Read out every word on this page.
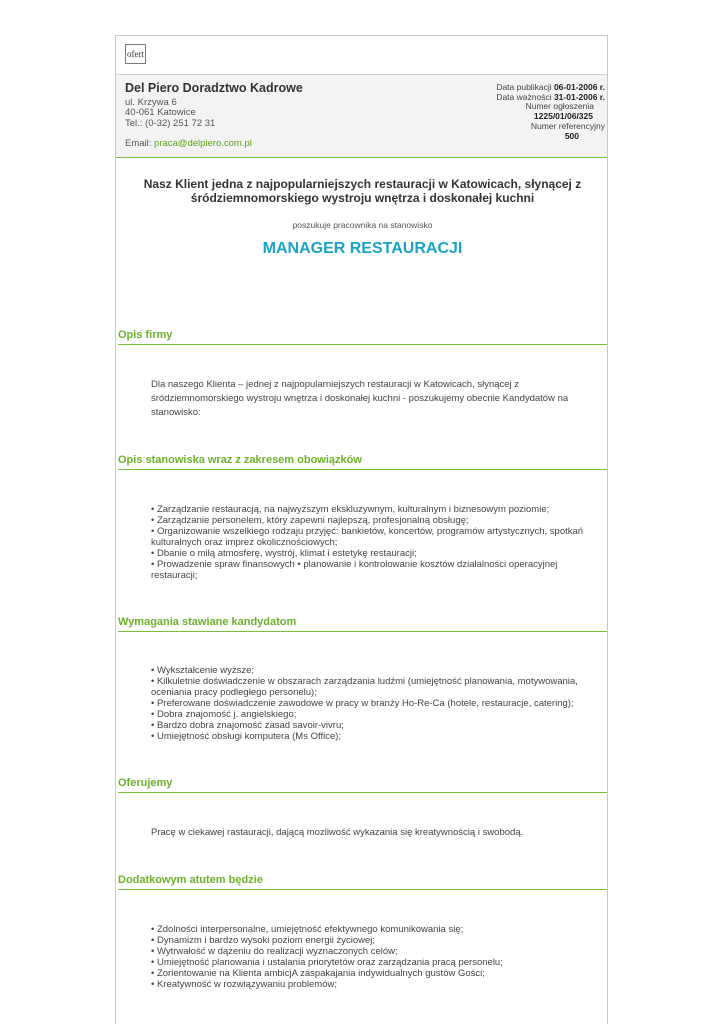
ofert
Del Piero Doradztwo Kadrowe
ul. Krzywa 6
40-061 Katowice
Tel.: (0-32) 251 72 31
Email: praca@delpiero.com.pl
Data publikacji 06-01-2006 r.
Data ważności 31-01-2006 r.
Numer ogłoszenia
1225/01/06/325
Numer referencyjny
500
Nasz Klient jedna z najpopularniejszych restauracji w Katowicach, słynącej z śródziemnomorskiego wystroju wnętrza i doskonałej kuchni
poszukuje pracownika na stanowisko
MANAGER RESTAURACJI
Opis firmy
Dla naszego Klienta – jednej z najpopularniejszych restauracji w Katowicach, słynącej z śródziemnomorskiego wystroju wnętrza i doskonałej kuchni - poszukujemy obecnie Kandydatów na stanowisko:
Opis stanowiska wraz z zakresem obowiązków
• Zarządzanie restauracją, na najwyższym ekskluzywnym, kulturalnym i biznesowym poziomie;
• Zarządzanie personelem, który zapewni najlepszą, profesjonalną obsługę;
• Organizowanie wszelkiego rodzaju przyjęć: bankietów, koncertów, programów artystycznych, spotkań kulturalnych oraz imprez okolicznościowych;
• Dbanie o miłą atmosferę, wystrój, klimat i estetykę restauracji;
• Prowadzenie spraw finansowych • planowanie i kontrolowanie kosztów działalności operacyjnej restauracji;
Wymagania stawiane kandydatom
• Wykształcenie wyższe;
• Kilkuletnie doświadczenie w obszarach zarządzania ludźmi (umiejętność planowania, motywowania, oceniania pracy podległego personelu);
• Preferowane doświadczenie zawodowe w pracy w branży Ho-Re-Ca (hotele, restauracje, catering);
• Dobra znajomość j. angielskiego;
• Bardzo dobra znajomość zasad savoir-vivru;
• Umiejętność obsługi komputera (Ms Office);
Oferujemy
Pracę w ciekawej rastauracji, dającą mozliwość wykazania się kreatywnością i swobodą.
Dodatkowym atutem będzie
• Zdolności interpersonalne, umiejętność efektywnego komunikowania się;
• Dynamizm i bardzo wysoki poziom energii życiowej;
• Wytrwałość w dążeniu do realizacji wyznaczonych celów;
• Umiejętność planowania i ustalania priorytetów oraz zarządzania pracą personelu;
• Zorientowanie na Klienta ambicjA zaspakajania indywidualnych gustów Gości;
• Kreatywność w rozwiązywaniu problemów;
